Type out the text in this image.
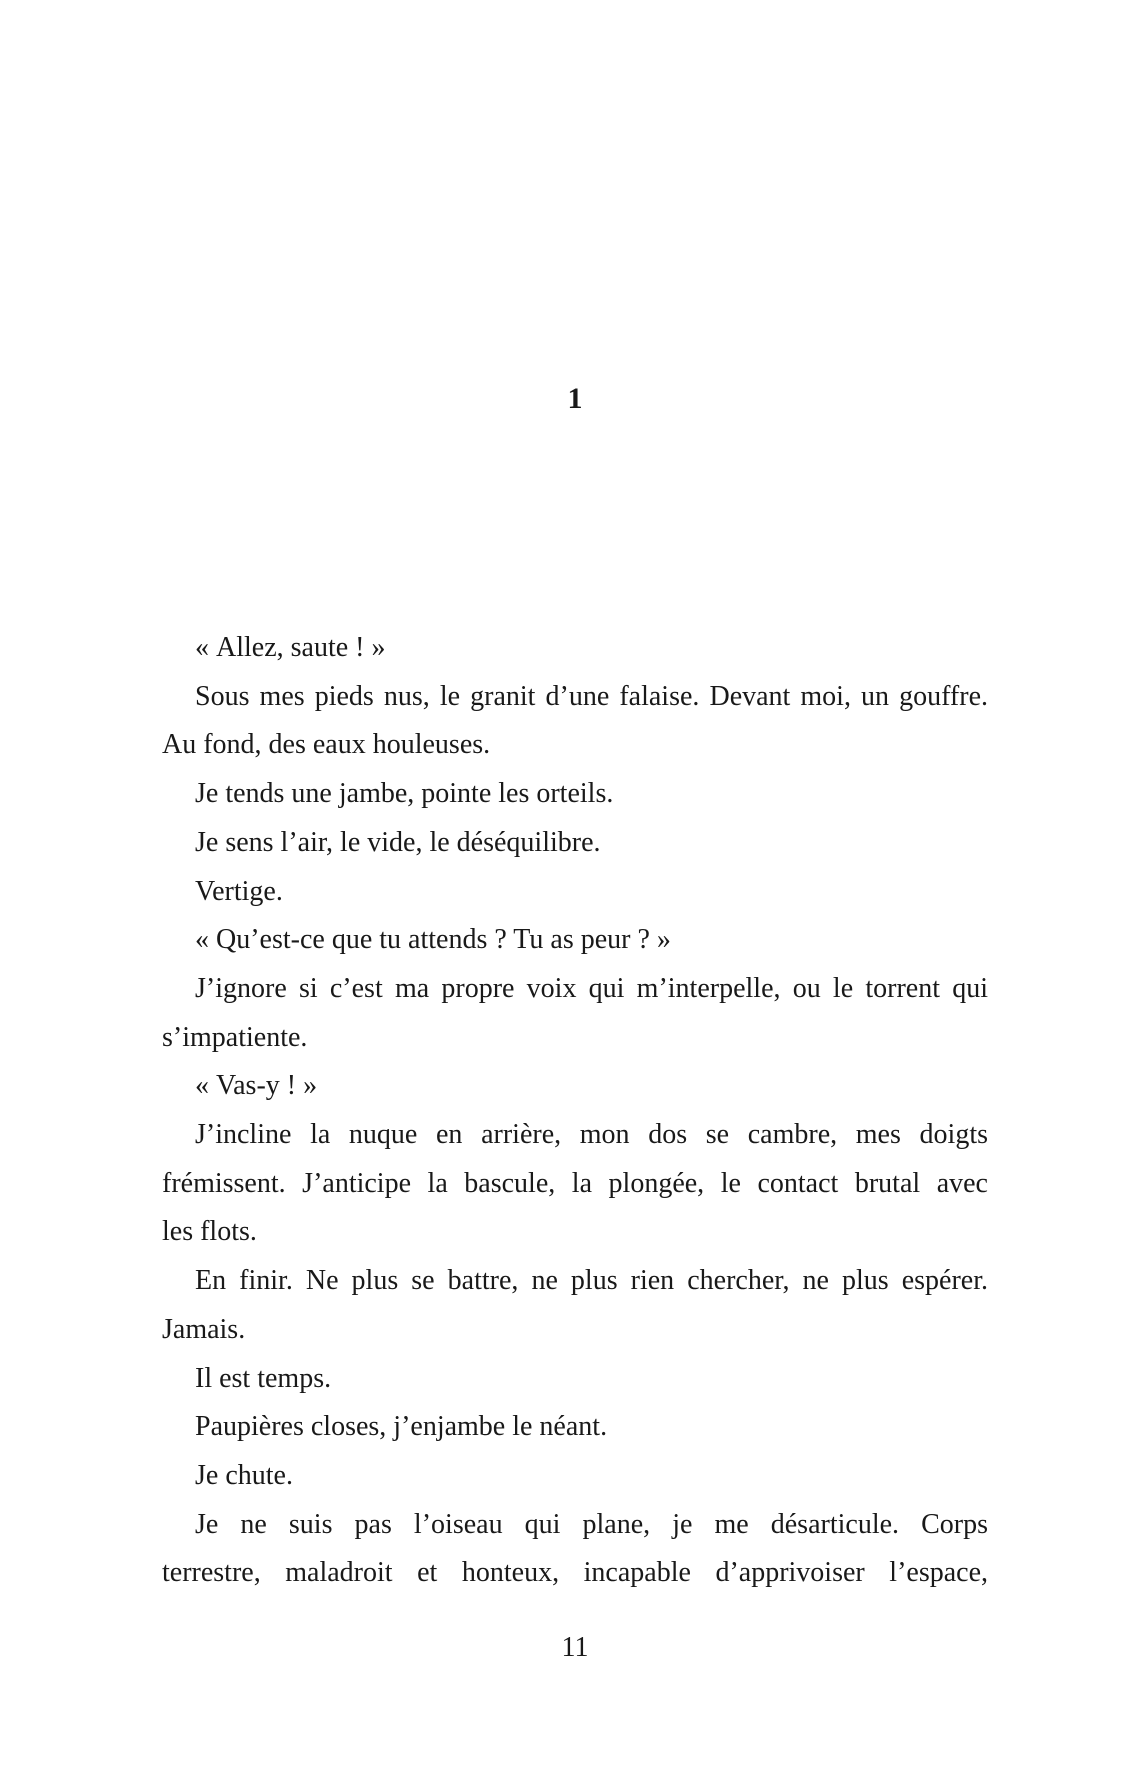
1
« Allez, saute ! »
Sous mes pieds nus, le granit d’une falaise. Devant moi, un gouffre.
Au fond, des eaux houleuses.
Je tends une jambe, pointe les orteils.
Je sens l’air, le vide, le déséquilibre.
Vertige.
« Qu’est-ce que tu attends ? Tu as peur ? »
J’ignore si c’est ma propre voix qui m’interpelle, ou le torrent qui
s’impatiente.
« Vas-y ! »
J’incline la nuque en arrière, mon dos se cambre, mes doigts
frémissent. J’anticipe la bascule, la plongée, le contact brutal avec
les flots.
En finir. Ne plus se battre, ne plus rien chercher, ne plus espérer.
Jamais.
Il est temps.
Paupières closes, j’enjambe le néant.
Je chute.
Je ne suis pas l’oiseau qui plane, je me désarticule. Corps
terrestre, maladroit et honteux, incapable d’apprivoiser l’espace,
11
